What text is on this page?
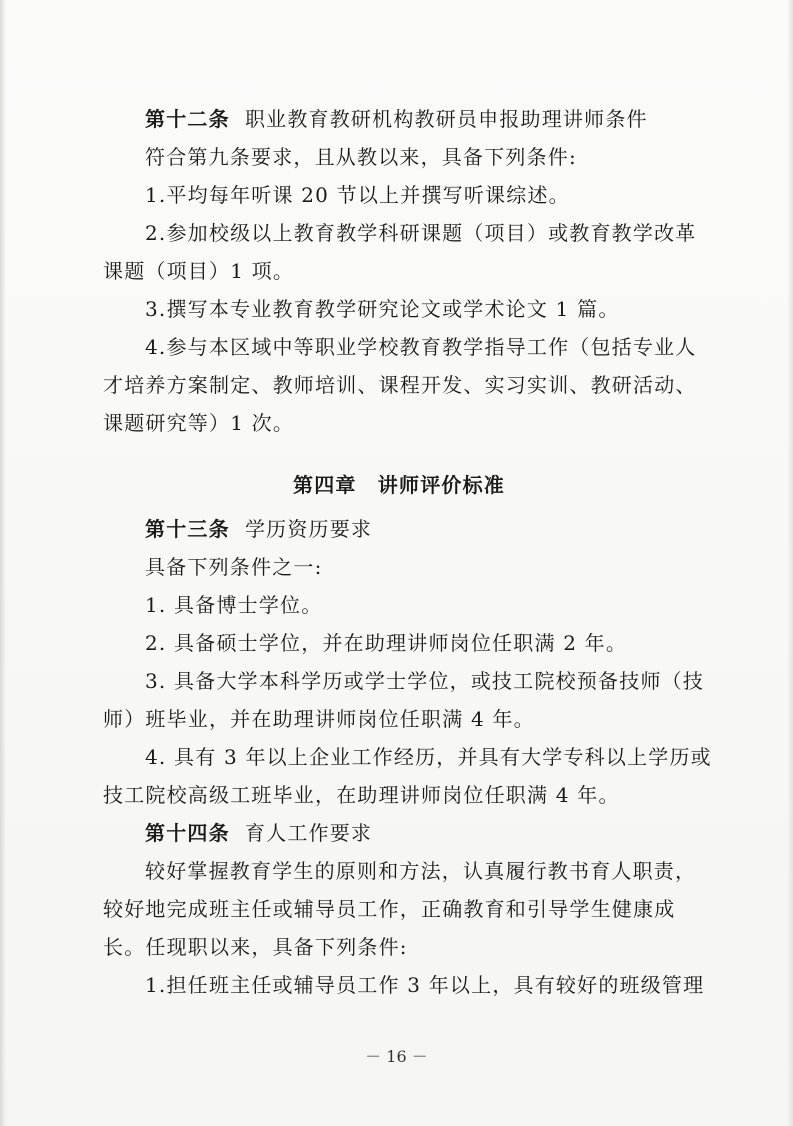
第十二条 职业教育教研机构教研员申报助理讲师条件
符合第九条要求，且从教以来，具备下列条件:
1.平均每年听课 20 节以上并撰写听课综述。
2.参加校级以上教育教学科研课题（项目）或教育教学改革
课题（项目）1 项。
3.撰写本专业教育教学研究论文或学术论文 1 篇。
4.参与本区域中等职业学校教育教学指导工作（包括专业人
才培养方案制定、教师培训、课程开发、实习实训、教研活动、
课题研究等）1 次。
第四章　讲师评价标准
第十三条 学历资历要求
具备下列条件之一:
1. 具备博士学位。
2. 具备硕士学位，并在助理讲师岗位任职满 2 年。
3. 具备大学本科学历或学士学位，或技工院校预备技师（技
师）班毕业，并在助理讲师岗位任职满 4 年。
4. 具有 3 年以上企业工作经历，并具有大学专科以上学历或
技工院校高级工班毕业，在助理讲师岗位任职满 4 年。
第十四条 育人工作要求
较好掌握教育学生的原则和方法，认真履行教书育人职责，
较好地完成班主任或辅导员工作，正确教育和引导学生健康成
长。任现职以来，具备下列条件:
1.担任班主任或辅导员工作 3 年以上，具有较好的班级管理
－ 16 －
